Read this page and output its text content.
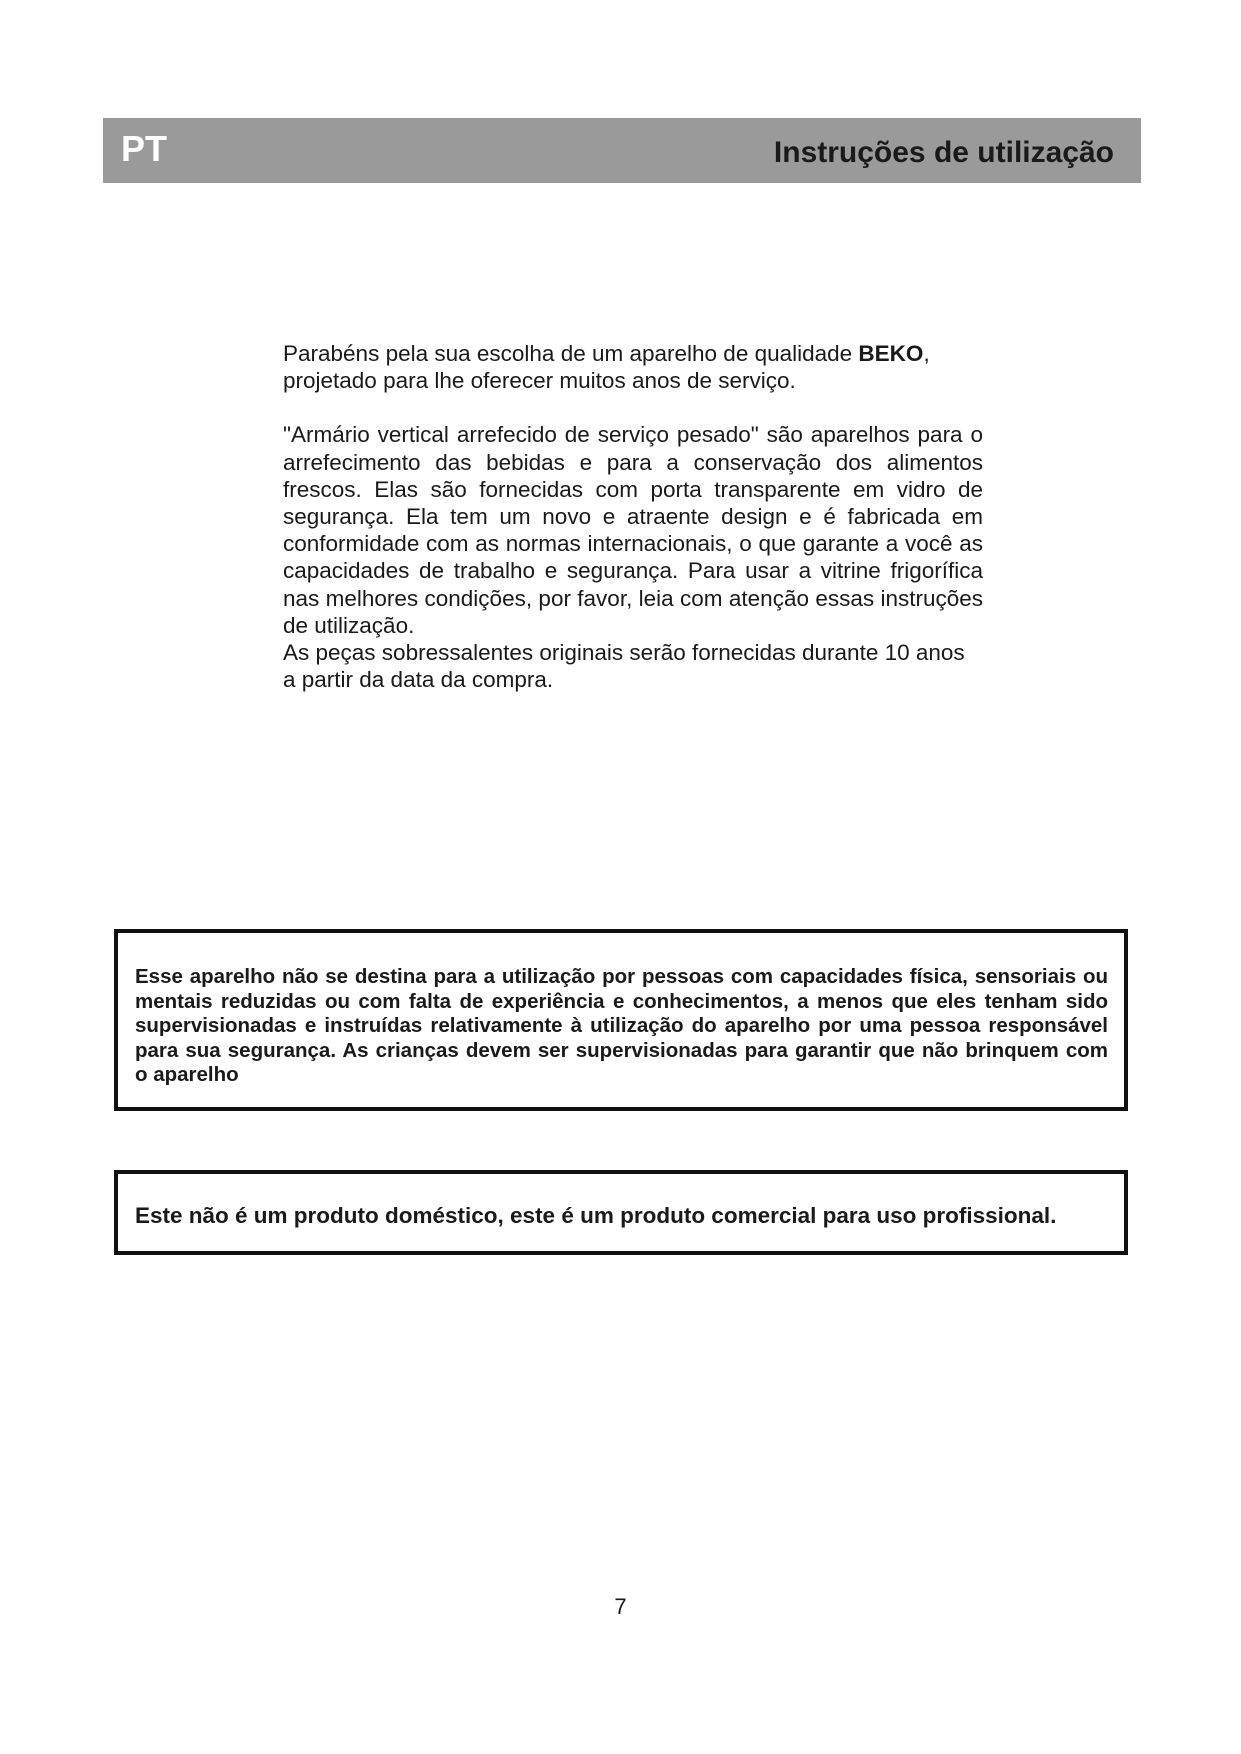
PT	Instruções de utilização

Parabéns pela sua escolha de um aparelho de qualidade BEKO, projetado para lhe oferecer muitos anos de serviço.

"Armário vertical arrefecido de serviço pesado" são aparelhos para o arrefecimento das bebidas e para a conservação dos alimentos frescos. Elas são fornecidas com porta transparente em vidro de segurança. Ela tem um novo e atraente design e é fabricada em conformidade com as normas internacionais, o que garante a você as capacidades de trabalho e segurança. Para usar a vitrine frigorífica nas melhores condições, por favor, leia com atenção essas instruções de utilização.

As peças sobressalentes originais serão fornecidas durante 10 anos a partir da data da compra.

Esse aparelho não se destina para a utilização por pessoas com capacidades física, sensoriais ou mentais reduzidas ou com falta de experiência e conhecimentos, a menos que eles tenham sido supervisionadas e instruídas relativamente à utilização do aparelho por uma pessoa responsável para sua segurança. As crianças devem ser supervisionadas para garantir que não brinquem com o aparelho

Este não é um produto doméstico, este é um produto comercial para uso profissional.

7
